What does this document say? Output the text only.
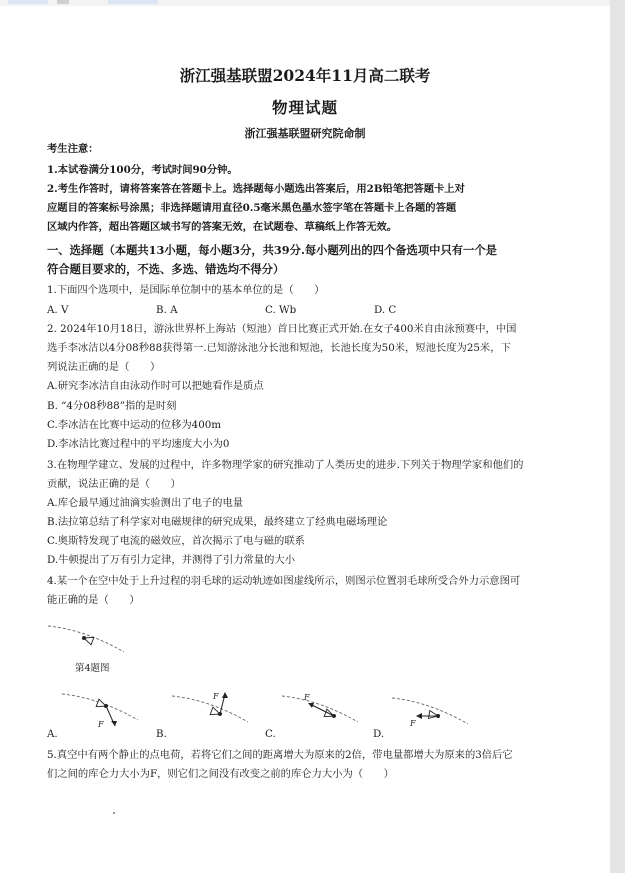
浙江强基联盟2024年11月高二联考
物理试题
浙江强基联盟研究院命制
考生注意：
1.本试卷满分100分，考试时间90分钟。
2.考生作答时，请将答案答在答题卡上。选择题每小题选出答案后，用2B铅笔把答题卡上对
应题目的答案标号涂黑；非选择题请用直径0.5毫米黑色墨水签字笔在答题卡上各题的答题
区域内作答，超出答题区域书写的答案无效，在试题卷、草稿纸上作答无效。
一、选择题（本题共13小题，每小题3分，共39分.每小题列出的四个备选项中只有一个是
符合题目要求的，不选、多选、错选均不得分）
1.下面四个选项中，是国际单位制中的基本单位的是（　　）
A. V	B. A	C. Wb	D. C
2. 2024年10月18日，游泳世界杯上海站（短池）首日比赛正式开始.在女子400米自由泳预赛中，中国
选手李冰洁以4分08秒88获得第一.已知游泳池分长池和短池，长池长度为50米，短池长度为25米，下
列说法正确的是（　　）
A.研究李冰洁自由泳动作时可以把她看作是质点
B. “4分08秒88”指的是时刻
C.李冰洁在比赛中运动的位移为400m
D.李冰洁比赛过程中的平均速度大小为0
3.在物理学建立、发展的过程中，许多物理学家的研究推动了人类历史的进步.下列关于物理学家和他们的
贡献，说法正确的是（　　）
A.库仑最早通过油滴实验测出了电子的电量
B.法拉第总结了科学家对电磁规律的研究成果，最终建立了经典电磁场理论
C.奥斯特发现了电流的磁效应，首次揭示了电与磁的联系
D.牛顿提出了万有引力定律，并测得了引力常量的大小
4.某一个在空中处于上升过程的羽毛球的运动轨迹如图虚线所示，则图示位置羽毛球所受合外力示意图可
能正确的是（　　）
第4题图
F
A.
F
B.
F
C.
F
D.
5.真空中有两个静止的点电荷，若将它们之间的距离增大为原来的2倍，带电量都增大为原来的3倍后它
们之间的库仑力大小为F，则它们之间没有改变之前的库仑力大小为（　　）
